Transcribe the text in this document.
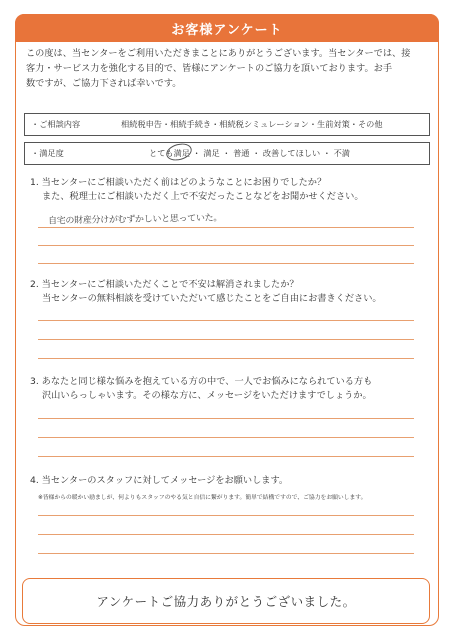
お客様アンケート
この度は、当センターをご利用いただきまことにありがとうございます。当センターでは、接
客力・サービス力を強化する目的で、皆様にアンケートのご協力を頂いております。お手
数ですが、ご協力下されば幸いです。
・ご相談内容	相続税申告・相続手続き・相続税シミュレーション・生前対策・その他
・満足度	とても満足 ・ 満足 ・ 普通 ・ 改善してほしい ・ 不満
1. 当センターにご相談いただく前はどのようなことにお困りでしたか？
また、税理士にご相談いただく上で不安だったことなどをお聞かせください。
自宅の財産分けがむずかしいと思っていた。
2. 当センターにご相談いただくことで不安は解消されましたか？
当センターの無料相談を受けていただいて感じたことをご自由にお書きください。
3. あなたと同じ様な悩みを抱えている方の中で、一人でお悩みになられている方も
沢山いらっしゃいます。その様な方に、メッセージをいただけますでしょうか。
4. 当センターのスタッフに対してメッセージをお願いします。
※皆様からの暖かい励ましが、何よりもスタッフのやる気と自信に繋がります。簡単で結構ですので、ご協力をお願いします。
アンケートご協力ありがとうございました。
